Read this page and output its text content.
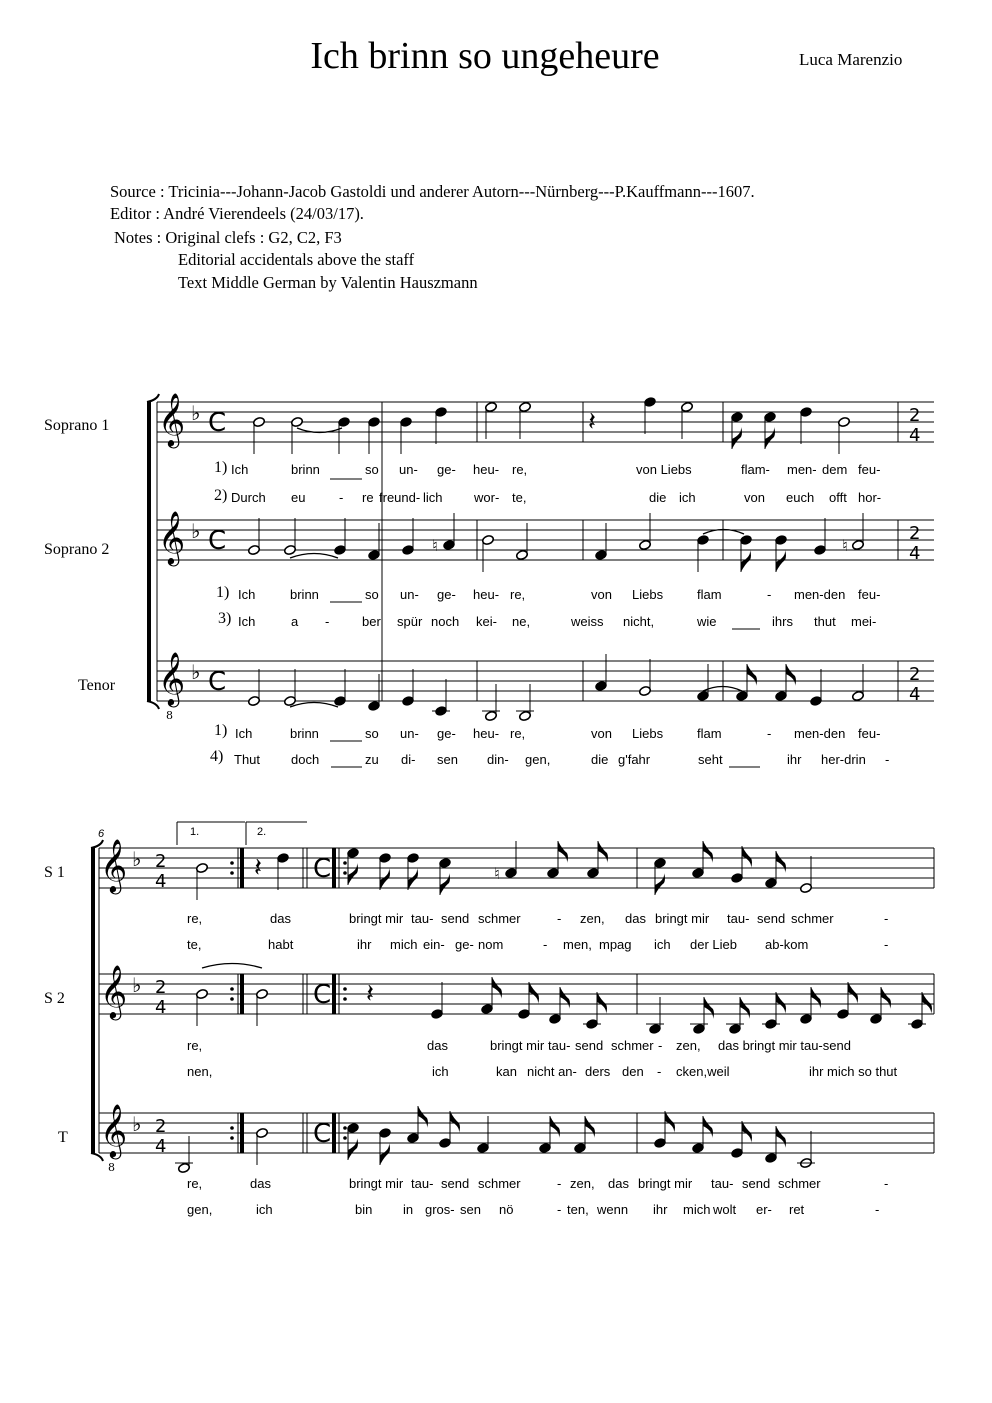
Ich brinn so ungeheure	Luca Marenzio
Source : Tricinia---Johann-Jacob Gastoldi und anderer Autorn---Nürnberg---P.Kauffmann---1607.
Editor : André Vierendeels (24/03/17).
Notes : Original clefs : G2, C2, F3
Editorial accidentals above the staff
Text Middle German by Valentin Hauszmann
Soprano 1
Soprano 2
Tenor
S 1
S 2
T
6	1.	2.
1) Ich	brinn	so un- ge- heu- re,	von Liebs	flam- men- dem feu-
2) Durch eu	- re freund- lich wor- te,	die ich	von euch offt hor-
1) Ich	brinn	so un- ge- heu- re,	von Liebs	flam	- men-den feu-
3) Ich	a -	ber spür noch kei- ne,	weiss nicht,	wie	ihrs thut mei-
1) Ich	brinn	so un- ge- heu- re,	von Liebs	flam	- men-den feu-
4) Thut doch	zu di- sen din- gen,	die g'fahr	seht	ihr her-drin -
re,	das	bringt mir tau- send schmer	- zen, das bringt mir tau- send schmer	-
te,	habt	ihr mich ein- ge- nom	- men, mpag ich der Lieb ab-kom	-
re,	das	bringt mir tau- send schmer - zen, das bringt mir tau-send
nen,	ich	kan nicht an- ders den - cken,weil	ihr mich so thut
re,	das	bringt mir tau- send schmer	- zen, das bringt mir tau- send schmer	-
gen,	ich	bin in gros- sen nö	- ten, wenn ihr mich wolt er- ret	-
𝄞
𝄞
𝄞
8
♭ C
♭ C
♭ C
2
4
2
4
2
4
𝄽
♮	♮
𝄞
𝄞
𝄞
8
♭ 2
4
♭ 2
4
♭ 2
4
C
C
C
𝄽	♮
𝄽
